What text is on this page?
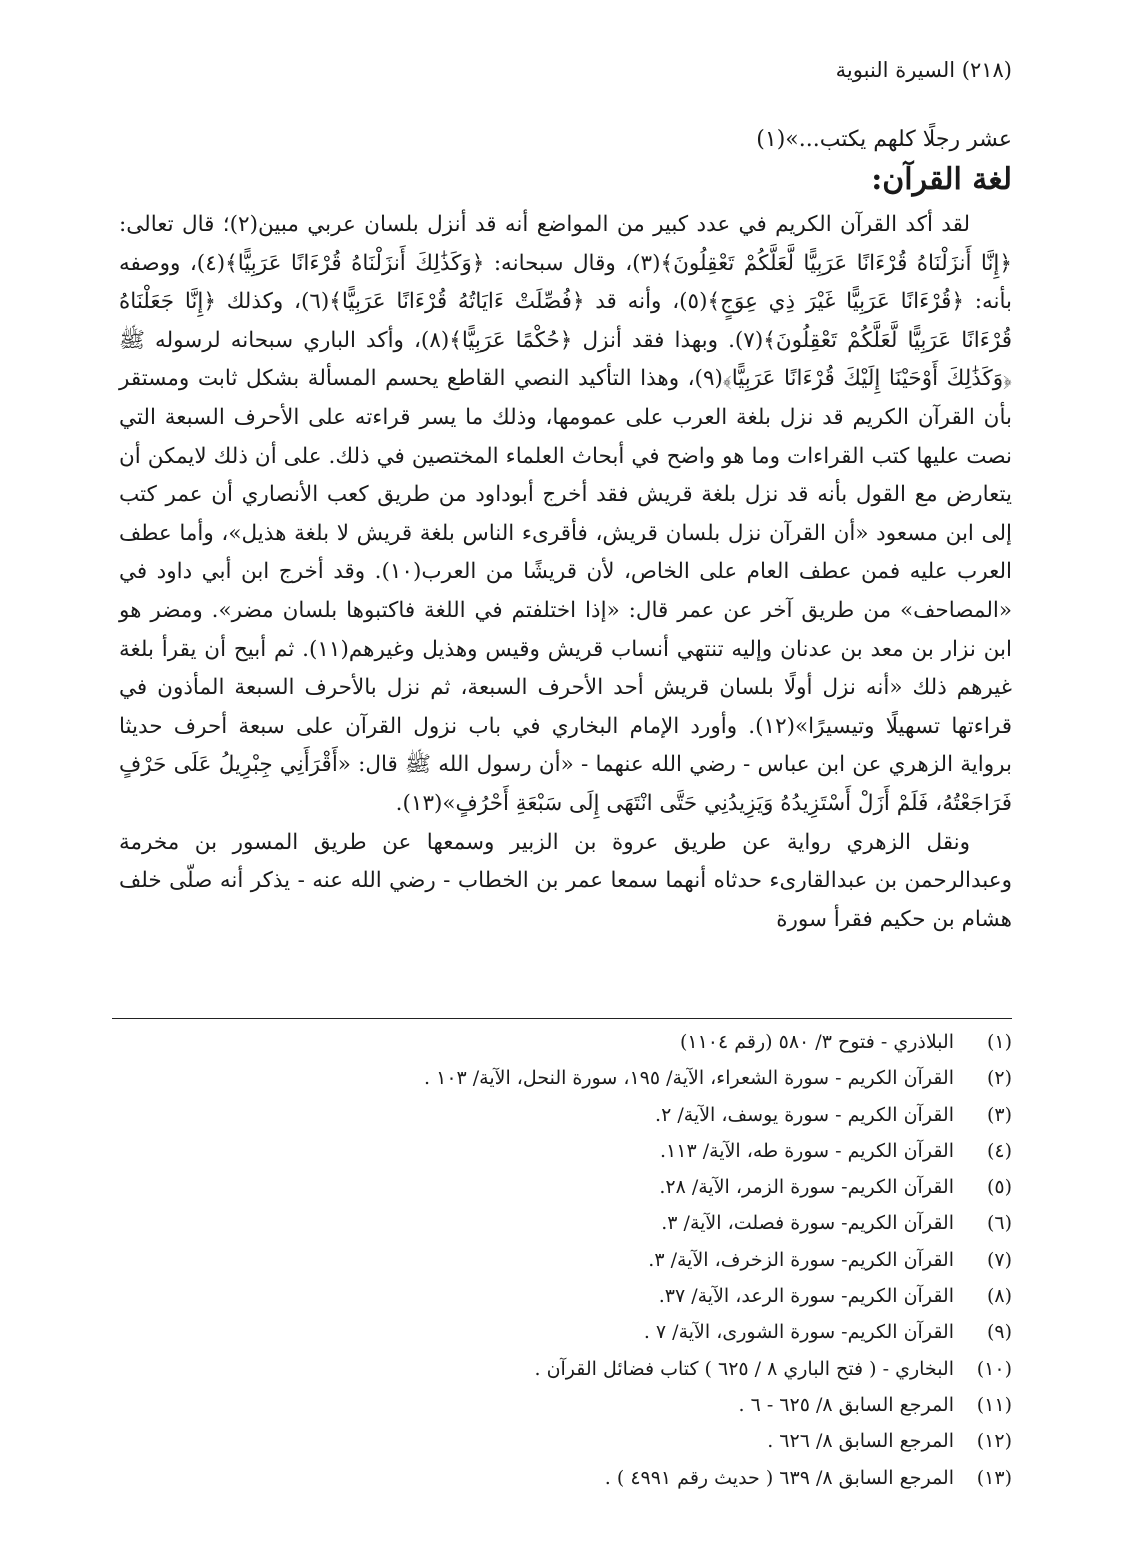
(٢١٨) السيرة النبوية
عشر رجلًا كلهم يكتب...»(١)
لغة القرآن:

لقد أكد القرآن الكريم في عدد كبير من المواضع أنه قد أنزل بلسان عربي مبين(٢)؛ قال تعالى: ﴿إِنَّا أَنزَلْنَاهُ قُرْءَانًا عَرَبِيًّا لَّعَلَّكُمْ تَعْقِلُونَ﴾(٣)، وقال سبحانه: ﴿وَكَذَٰلِكَ أَنزَلْنَاهُ قُرْءَانًا عَرَبِيًّا﴾(٤)، ووصفه بأنه: ﴿قُرْءَانًا عَرَبِيًّا غَيْرَ ذِي عِوَجٍ﴾(٥)، وأنه قد ﴿فُصِّلَتْ ءَايَاتُهُ قُرْءَانًا عَرَبِيًّا﴾(٦)، وكذلك ﴿إِنَّا جَعَلْنَاهُ قُرْءَانًا عَرَبِيًّا لَّعَلَّكُمْ تَعْقِلُونَ﴾(٧). وبهذا فقد أنزل ﴿حُكْمًا عَرَبِيًّا﴾(٨)، وأكد الباري سبحانه لرسوله ﷺ ﴿وَكَذَٰلِكَ أَوْحَيْنَا إِلَيْكَ قُرْءَانًا عَرَبِيًّا﴾(٩)، وهذا التأكيد النصي القاطع يحسم المسألة بشكل ثابت ومستقر بأن القرآن الكريم قد نزل بلغة العرب على عمومها، وذلك ما يسر قراءته على الأحرف السبعة التي نصت عليها كتب القراءات وما هو واضح في أبحاث العلماء المختصين في ذلك. على أن ذلك لايمكن أن يتعارض مع القول بأنه قد نزل بلغة قريش فقد أخرج أبوداود من طريق كعب الأنصاري أن عمر كتب إلى ابن مسعود «أن القرآن نزل بلسان قريش، فأقرىء الناس بلغة قريش لا بلغة هذيل»، وأما عطف العرب عليه فمن عطف العام على الخاص، لأن قريشًا من العرب(١٠). وقد أخرج ابن أبي داود في «المصاحف» من طريق آخر عن عمر قال: «إذا اختلفتم في اللغة فاكتبوها بلسان مضر». ومضر هو ابن نزار بن معد بن عدنان وإليه تنتهي أنساب قريش وقيس وهذيل وغيرهم(١١). ثم أبيح أن يقرأ بلغة غيرهم ذلك «أنه نزل أولًا بلسان قريش أحد الأحرف السبعة، ثم نزل بالأحرف السبعة المأذون في قراءتها تسهيلًا وتيسيرًا»(١٢). وأورد الإمام البخاري في باب نزول القرآن على سبعة أحرف حديثا برواية الزهري عن ابن عباس - رضي الله عنهما - «أن رسول الله ﷺ قال: «أَقْرَأَنِي جِبْرِيلُ عَلَى حَرْفٍ فَرَاجَعْتُهُ، فَلَمْ أَزَلْ أَسْتَزِيدُهُ وَيَزِيدُنِي حَتَّى انْتَهَى إِلَى سَبْعَةِ أَحْرُفٍ»(١٣).

ونقل الزهري رواية عن طريق عروة بن الزبير وسمعها عن طريق المسور بن مخرمة وعبدالرحمن بن عبدالقارىء حدثاه أنهما سمعا عمر بن الخطاب - رضي الله عنه - يذكر أنه صلّى خلف هشام بن حكيم فقرأ سورة

(١)البلاذري - فتوح ٣/ ٥٨٠ (رقم ١١٠٤)
(٢)القرآن الكريم - سورة الشعراء، الآية/ ١٩٥، سورة النحل، الآية/ ١٠٣ .
(٣)القرآن الكريم - سورة يوسف، الآية/ ٢.
(٤)القرآن الكريم - سورة طه، الآية/ ١١٣.
(٥)القرآن الكريم- سورة الزمر، الآية/ ٢٨.
(٦)القرآن الكريم- سورة فصلت، الآية/ ٣.
(٧)القرآن الكريم- سورة الزخرف، الآية/ ٣.
(٨)القرآن الكريم- سورة الرعد، الآية/ ٣٧.
(٩)القرآن الكريم- سورة الشورى، الآية/ ٧ .
(١٠)البخاري - ( فتح الباري ٨ / ٦٢٥ ) كتاب فضائل القرآن .
(١١)المرجع السابق ٨/ ٦٢٥ - ٦ .
(١٢)المرجع السابق ٨/ ٦٢٦ .
(١٣)المرجع السابق ٨/ ٦٣٩ ( حديث رقم ٤٩٩١ ) .
